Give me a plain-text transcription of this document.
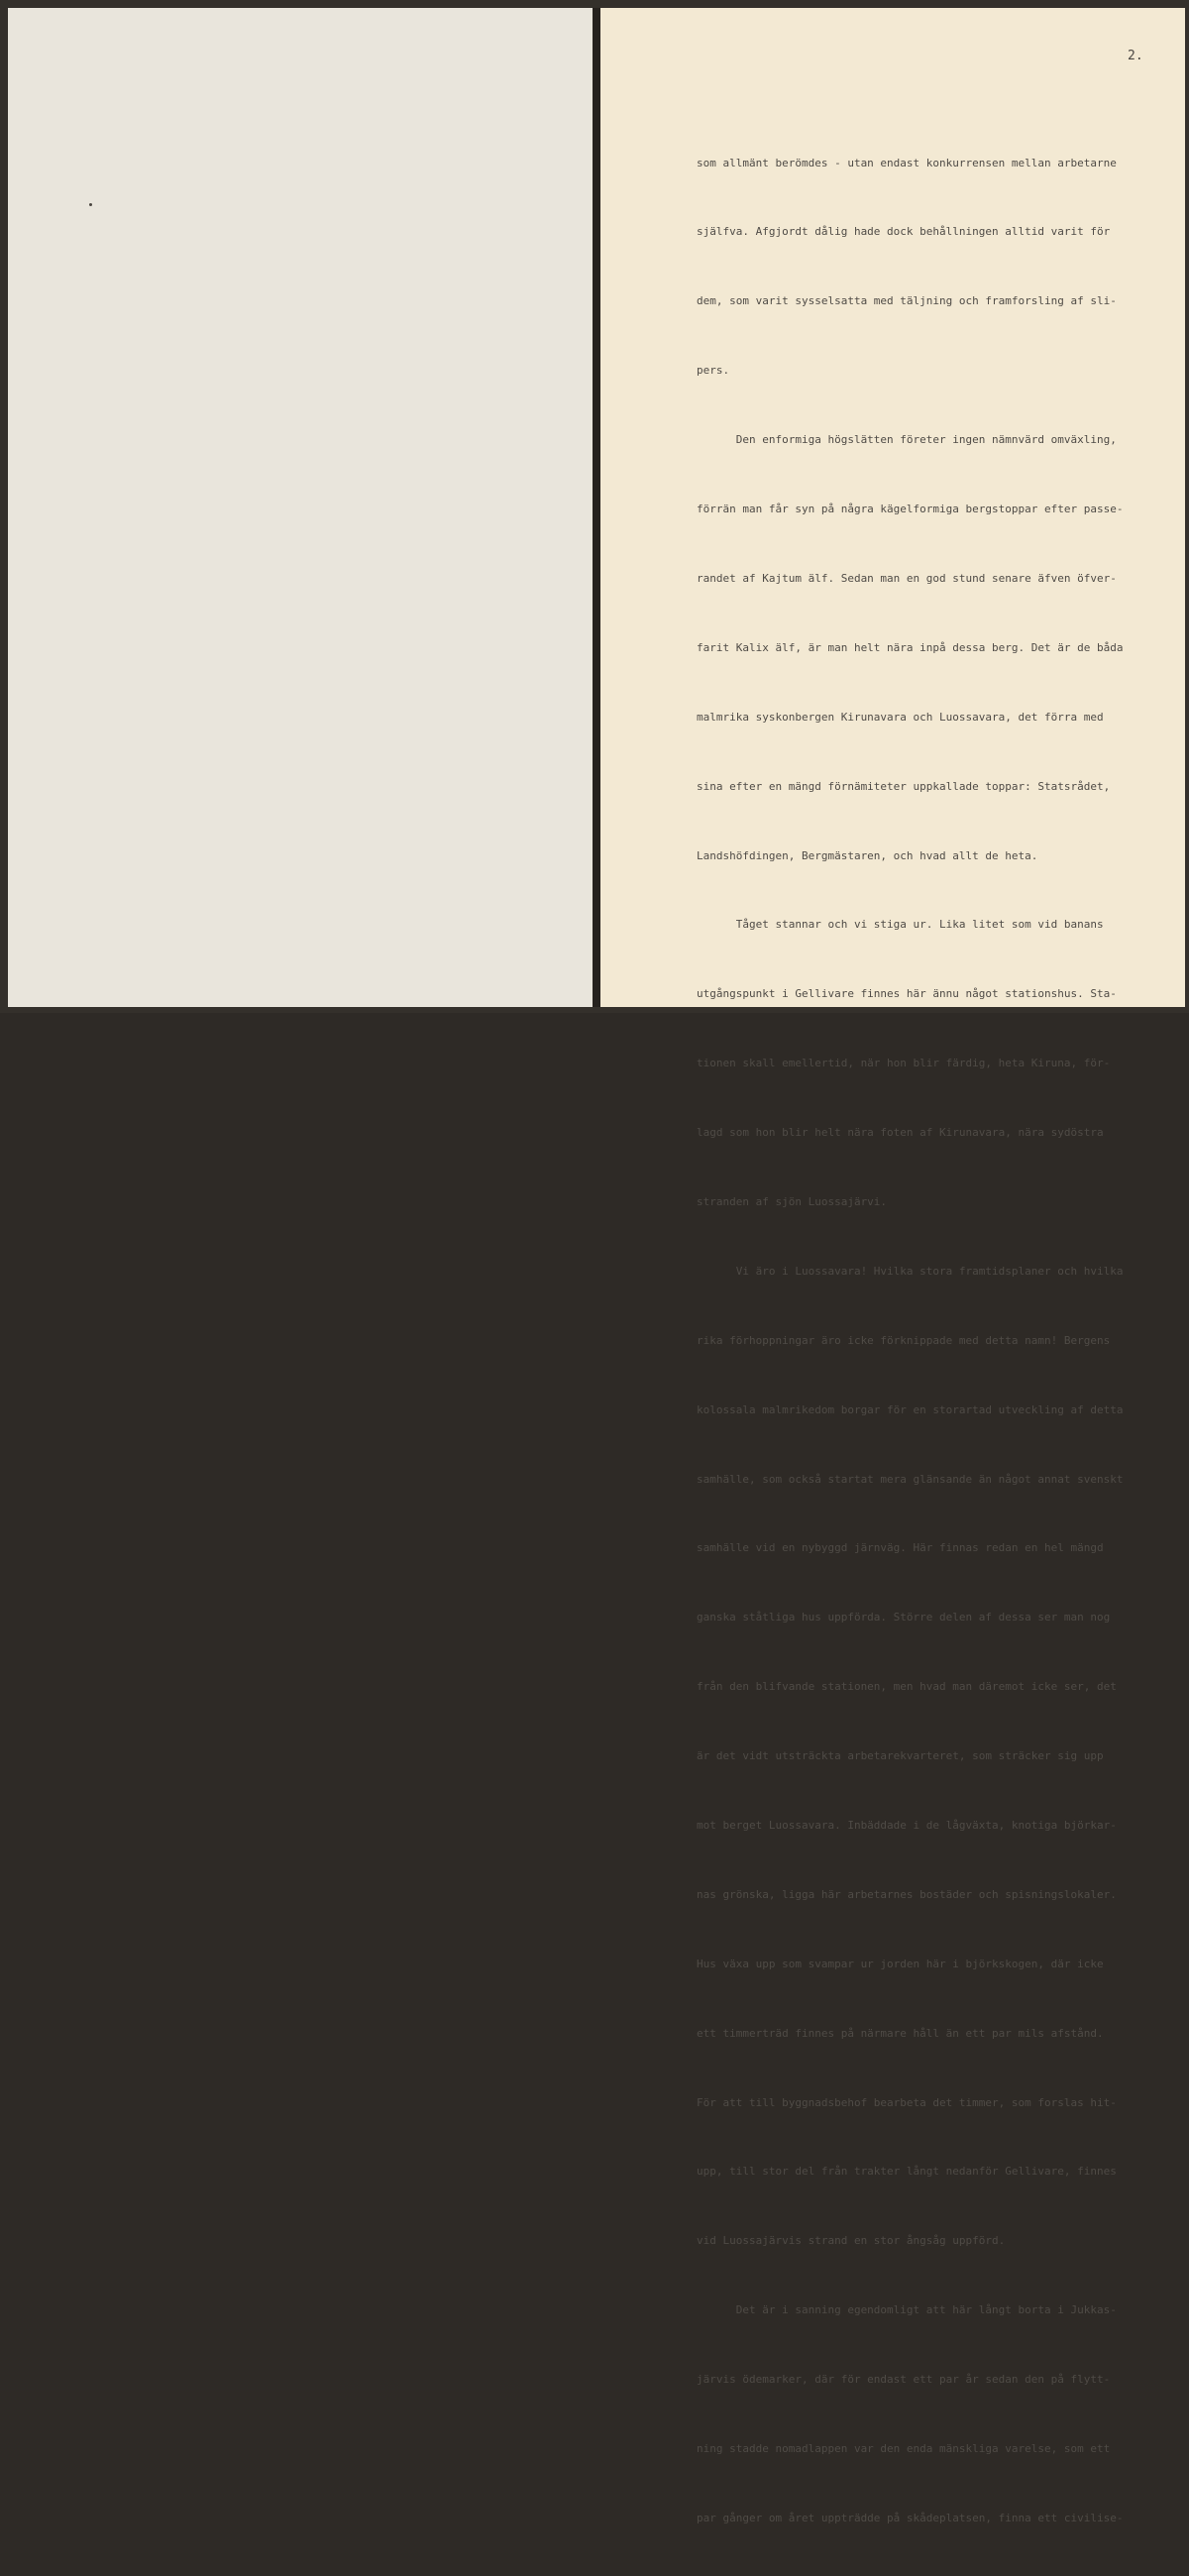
2.

som allmänt berömdes - utan endast konkurrensen mellan arbetarne

själfva. Afgjordt dålig hade dock behållningen alltid varit för

dem, som varit sysselsatta med täljning och framforsling af sli-

pers.

Den enformiga högslätten företer ingen nämnvärd omväxling,

förrän man får syn på några kägelformiga bergstoppar efter passe-

randet af Kajtum älf. Sedan man en god stund senare äfven öfver-

farit Kalix älf, är man helt nära inpå dessa berg. Det är de båda

malmrika syskonbergen Kirunavara och Luossavara, det förra med

sina efter en mängd förnämiteter uppkallade toppar: Statsrådet,

Landshöfdingen, Bergmästaren, och hvad allt de heta.

Tåget stannar och vi stiga ur. Lika litet som vid banans

utgångspunkt i Gellivare finnes här ännu något stationshus. Sta-

tionen skall emellertid, när hon blir färdig, heta Kiruna, för-

lagd som hon blir helt nära foten af Kirunavara, nära sydöstra

stranden af sjön Luossajärvi.

Vi äro i Luossavara! Hvilka stora framtidsplaner och hvilka

rika förhoppningar äro icke förknippade med detta namn! Bergens

kolossala malmrikedom borgar för en storartad utveckling af detta

samhälle, som också startat mera glänsande än något annat svenskt

samhälle vid en nybyggd järnväg. Här finnas redan en hel mängd

ganska ståtliga hus uppförda. Större delen af dessa ser man nog

från den blifvande stationen, men hvad man däremot icke ser, det

är det vidt utsträckta arbetarekvarteret, som sträcker sig upp

mot berget Luossavara. Inbäddade i de lågväxta, knotiga björkar-

nas grönska, ligga här arbetarnes bostäder och spisningslokaler.

Hus växa upp som svampar ur jorden här i björkskogen, där icke

ett timmerträd finnes på närmare håll än ett par mils afstånd.

För att till byggnadsbehof bearbeta det timmer, som forslas hit-

upp, till stor del från trakter långt nedanför Gellivare, finnes

vid Luossajärvis strand en stor ångsåg uppförd.

Det är i sanning egendomligt att här långt borta i Jukkas-

järvis ödemarker, där för endast ett par år sedan den på flytt-

ning stadde nomadlappen var den enda mänskliga varelse, som ett

par gånger om året uppträdde på skådeplatsen, finna ett civilise-
